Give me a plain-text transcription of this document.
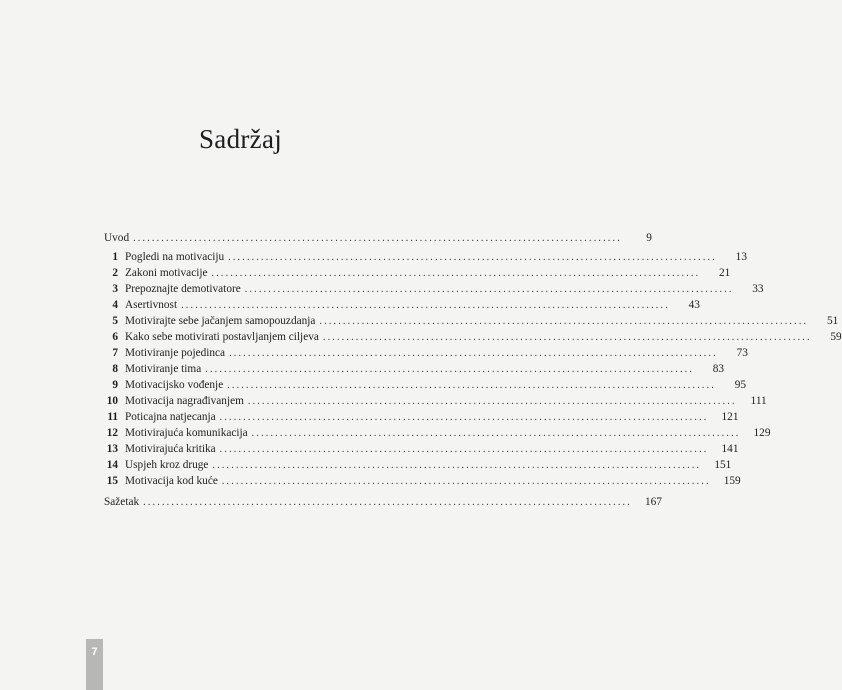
Sadržaj
Uvod ........................................................................................................	9
1 Pogledi na motivaciju ........................................................................................................	13
2 Zakoni motivacije ........................................................................................................	21
3 Prepoznajte demotivatore ........................................................................................................	33
4 Asertivnost ........................................................................................................	43
5 Motivirajte sebe jačanjem samopouzdanja ........................................................................................................	51
6 Kako sebe motivirati postavljanjem ciljeva ........................................................................................................	59
7 Motiviranje pojedinca ........................................................................................................	73
8 Motiviranje tima ........................................................................................................	83
9 Motivacijsko vođenje ........................................................................................................	95
10 Motivacija nagrađivanjem ........................................................................................................	111
11 Poticajna natjecanja ........................................................................................................	121
12 Motivirajuća komunikacija ........................................................................................................	129
13 Motivirajuća kritika ........................................................................................................	141
14 Uspjeh kroz druge ........................................................................................................	151
15 Motivacija kod kuće ........................................................................................................	159
Sažetak ........................................................................................................	167
7
